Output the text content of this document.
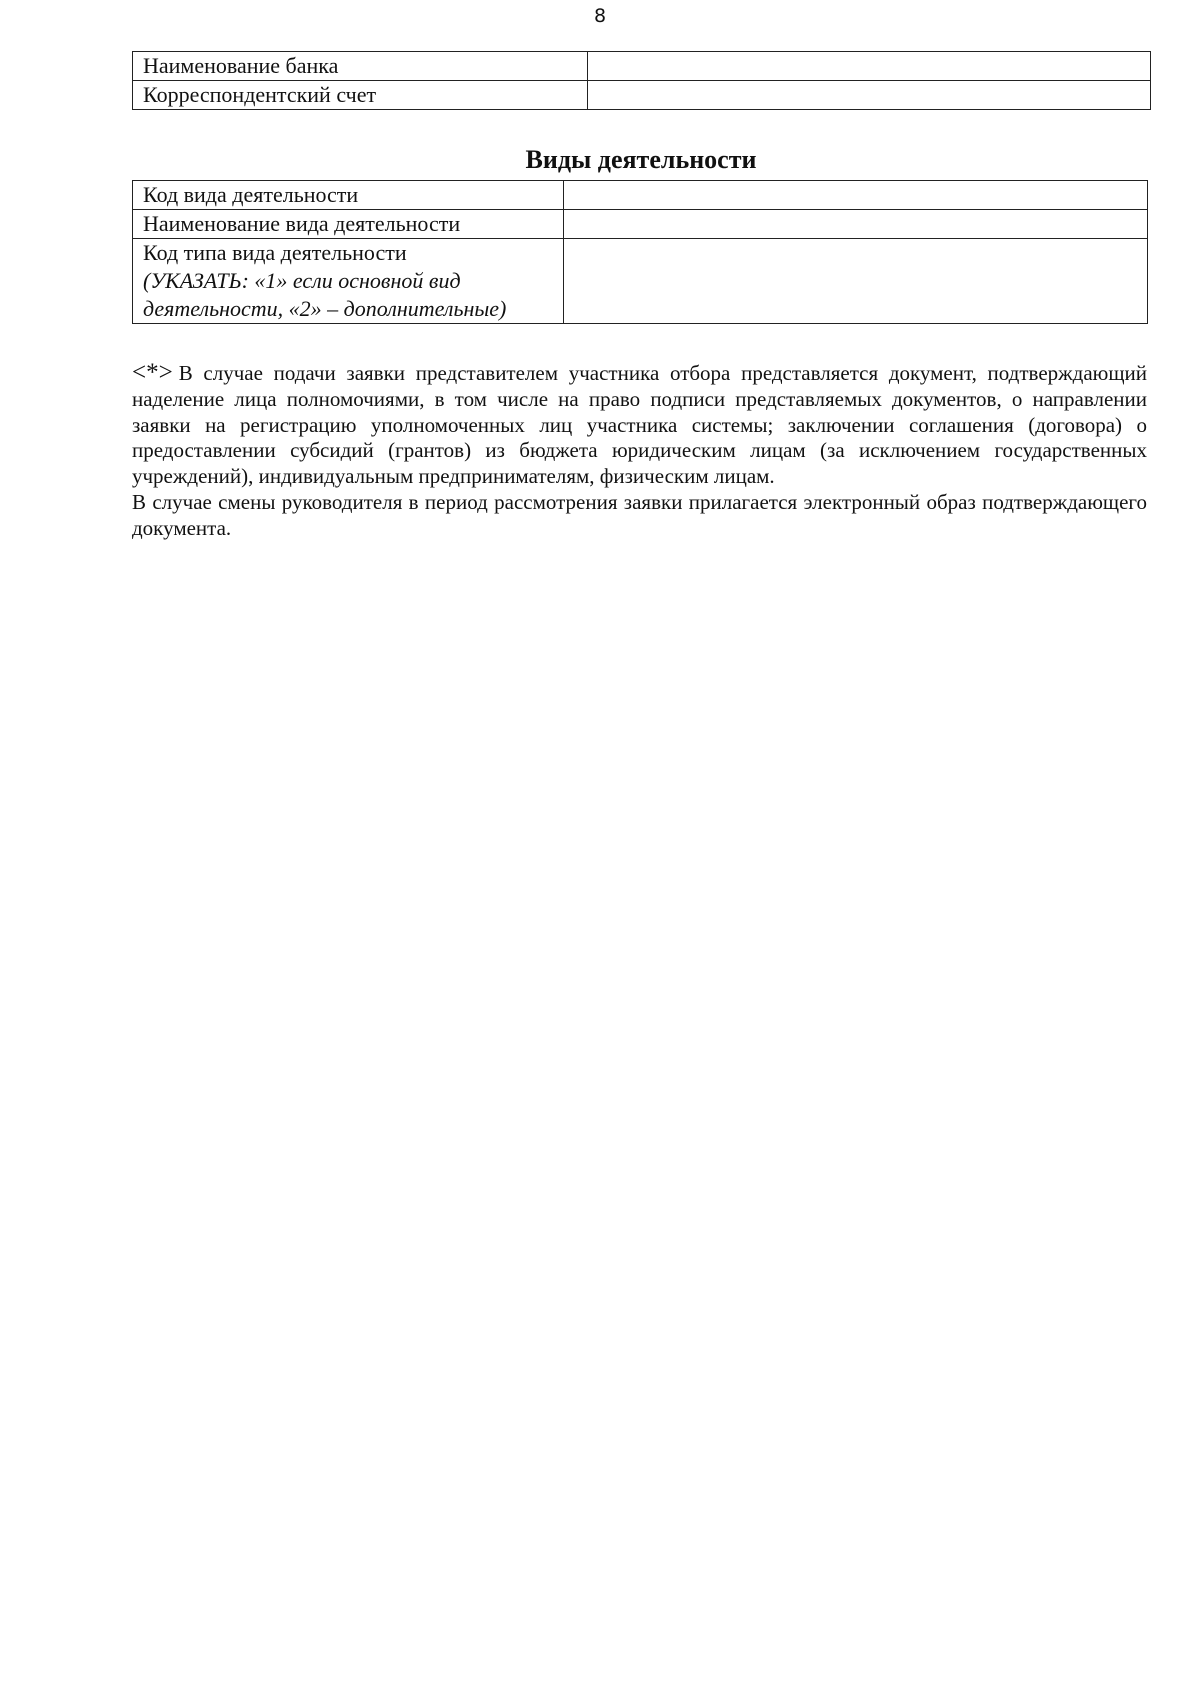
8
Наименование банка	
Корреспондентский счет	
Виды деятельности
Код вида деятельности	
Наименование вида деятельности	

Код типа вида деятельности
(УКАЗАТЬ: «1» если основной вид
деятельности, «2» – дополнительные)	

<*> В случае подачи заявки представителем участника отбора представляется документ, подтверждающий наделение лица полномочиями, в том числе на право подписи представляемых документов, о направлении заявки на регистрацию уполномоченных лиц участника системы; заключении соглашения (договора) о предоставлении субсидий (грантов) из бюджета юридическим лицам (за исключением государственных учреждений), индивидуальным предпринимателям, физическим лицам.

В случае смены руководителя в период рассмотрения заявки прилагается электронный образ подтверждающего документа.
